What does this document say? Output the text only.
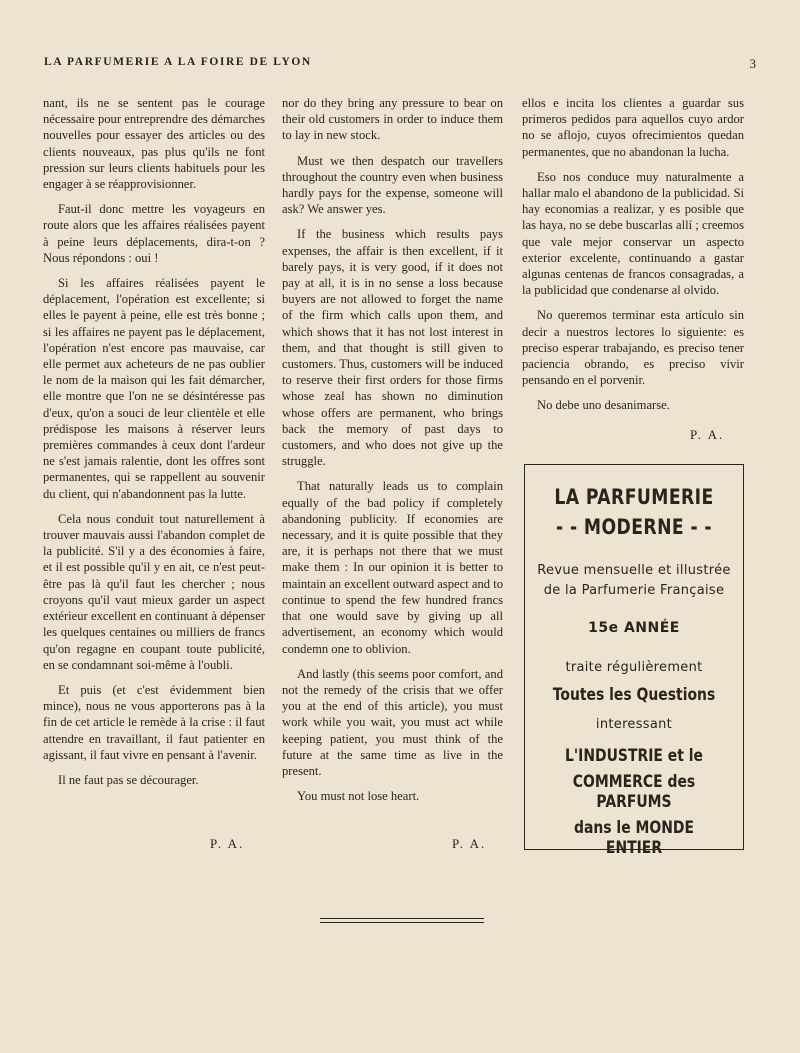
LA PARFUMERIE A LA FOIRE DE LYON	3

nant, ils ne se sentent pas le courage nécessaire pour entreprendre des démarches nouvelles pour essayer des articles ou des clients nouveaux, pas plus qu'ils ne font pression sur leurs clients habituels pour les engager à se réapprovisionner.

Faut-il donc mettre les voyageurs en route alors que les affaires réalisées payent à peine leurs déplacements, dira-t-on ? Nous répondons : oui !

Si les affaires réalisées payent le déplacement, l'opération est excellente; si elles le payent à peine, elle est très bonne ; si les affaires ne payent pas le déplacement, l'opération n'est encore pas mauvaise, car elle permet aux acheteurs de ne pas oublier le nom de la maison qui les fait démarcher, elle montre que l'on ne se désintéresse pas d'eux, qu'on a souci de leur clientèle et elle prédispose les maisons à réserver leurs premières commandes à ceux dont l'ardeur ne s'est jamais ralentie, dont les offres sont permanentes, qui se rappellent au souvenir du client, qui n'abandonnent pas la lutte.

Cela nous conduit tout naturellement à trouver mauvais aussi l'abandon complet de la publicité. S'il y a des économies à faire, et il est possible qu'il y en ait, ce n'est peut-être pas là qu'il faut les chercher ; nous croyons qu'il vaut mieux garder un aspect extérieur excellent en continuant à dépenser les quelques centaines ou milliers de francs qu'on regagne en coupant toute publicité, en se condamnant soi-même à l'oubli.

Et puis (et c'est évidemment bien mince), nous ne vous apporterons pas à la fin de cet article le remède à la crise : il faut attendre en travaillant, il faut patienter en agissant, il faut vivre en pensant à l'avenir.

Il ne faut pas se décourager.

P. A.

nor do they bring any pressure to bear on their old customers in order to induce them to lay in new stock.

Must we then despatch our travellers throughout the country even when business hardly pays for the expense, someone will ask? We answer yes.

If the business which results pays expenses, the affair is then excellent, if it barely pays, it is very good, if it does not pay at all, it is in no sense a loss because buyers are not allowed to forget the name of the firm which calls upon them, and which shows that it has not lost interest in them, and that thought is still given to customers. Thus, customers will be induced to reserve their first orders for those firms whose zeal has shown no diminution whose offers are permanent, who brings back the memory of past days to customers, and who does not give up the struggle.

That naturally leads us to complain equally of the bad policy if completely abandoning publicity. If economies are necessary, and it is quite possible that they are, it is perhaps not there that we must make them : In our opinion it is better to maintain an excellent outward aspect and to continue to spend the few hundred francs that one would save by giving up all advertisement, an economy which would condemn one to oblivion.

And lastly (this seems poor comfort, and not the remedy of the crisis that we offer you at the end of this article), you must work while you wait, you must act while keeping patient, you must think of the future at the same time as live in the present.

You must not lose heart.

P. A.

ellos e incita los clientes a guardar sus primeros pedidos para aquellos cuyo ardor no se aflojo, cuyos ofrecimientos quedan permanentes, que no abandonan la lucha.

Eso nos conduce muy naturalmente a hallar malo el abandono de la publicidad. Si hay economias a realizar, y es posible que las haya, no se debe buscarlas allí ; creemos que vale mejor conservar un aspecto exterior excelente, continuando a gastar algunas centenas de francos consagradas, a la publicidad que condenarse al olvido.

No queremos terminar esta artículo sin decir a nuestros lectores lo siguiente: es preciso esperar trabajando, es preciso tener paciencia obrando, es preciso vivir pensando en el porvenir.

No debe uno desanimarse.

P. A.
LA PARFUMERIE
- - MODERNE - -
Revue mensuelle et illustrée
de la Parfumerie Française
15e ANNÉE
traite régulièrement
Toutes les Questions
interessant
L'INDUSTRIE et le
COMMERCE des PARFUMS
dans le MONDE ENTIER
